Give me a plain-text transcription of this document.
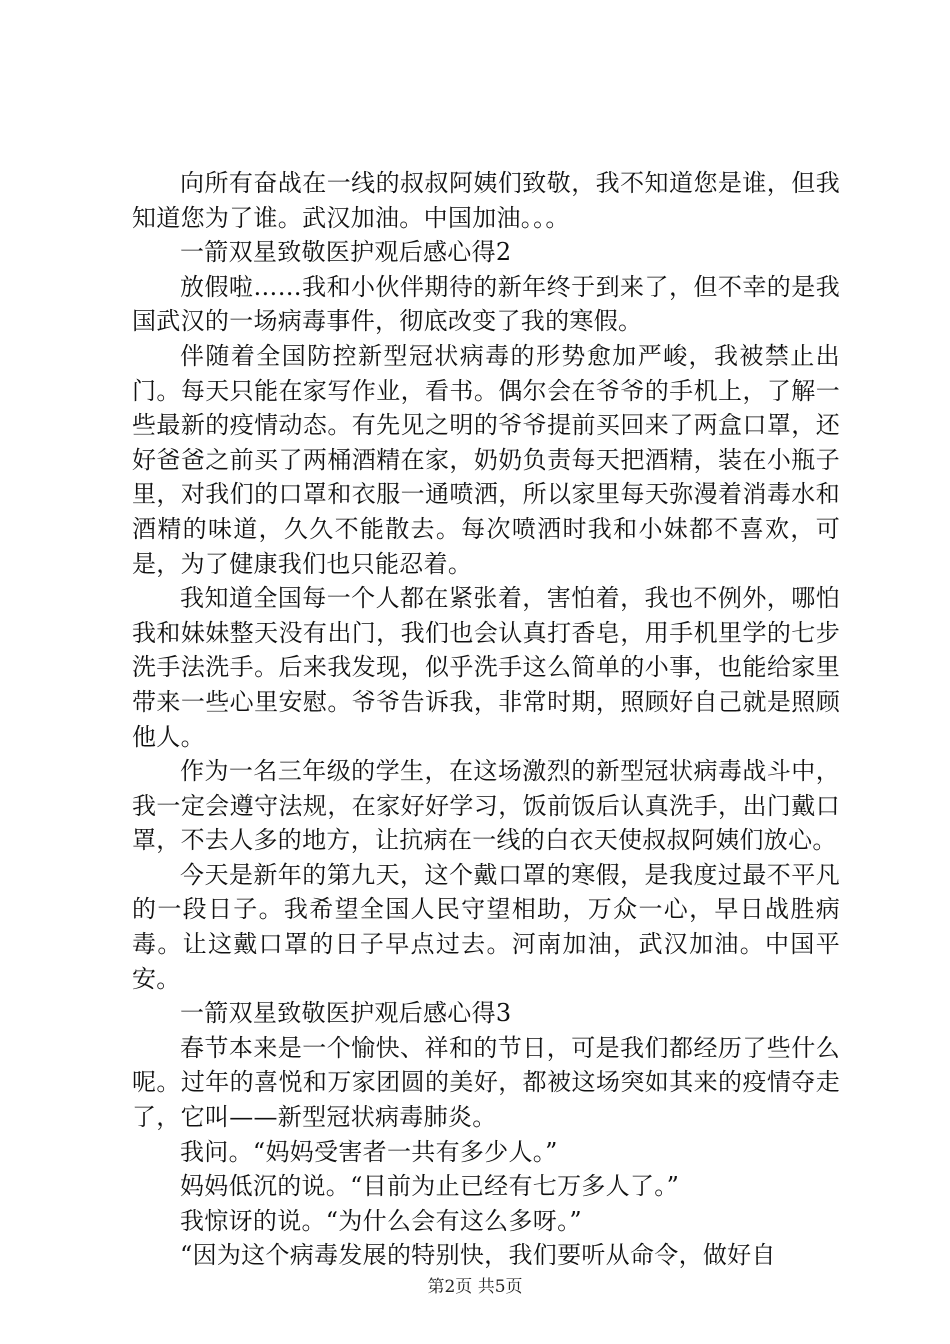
向所有奋战在一线的叔叔阿姨们致敬，我不知道您是谁，但我知道您为了谁。武汉加油。中国加油。。。

一箭双星致敬医护观后感心得2

放假啦……我和小伙伴期待的新年终于到来了，但不幸的是我国武汉的一场病毒事件，彻底改变了我的寒假。

伴随着全国防控新型冠状病毒的形势愈加严峻，我被禁止出门。每天只能在家写作业，看书。偶尔会在爷爷的手机上，了解一些最新的疫情动态。有先见之明的爷爷提前买回来了两盒口罩，还好爸爸之前买了两桶酒精在家，奶奶负责每天把酒精，装在小瓶子里，对我们的口罩和衣服一通喷洒，所以家里每天弥漫着消毒水和酒精的味道，久久不能散去。每次喷洒时我和小妹都不喜欢，可是，为了健康我们也只能忍着。

我知道全国每一个人都在紧张着，害怕着，我也不例外，哪怕我和妹妹整天没有出门，我们也会认真打香皂，用手机里学的七步洗手法洗手。后来我发现，似乎洗手这么简单的小事，也能给家里带来一些心里安慰。爷爷告诉我，非常时期，照顾好自己就是照顾他人。

作为一名三年级的学生，在这场激烈的新型冠状病毒战斗中，我一定会遵守法规，在家好好学习，饭前饭后认真洗手，出门戴口罩，不去人多的地方，让抗病在一线的白衣天使叔叔阿姨们放心。

今天是新年的第九天，这个戴口罩的寒假，是我度过最不平凡的一段日子。我希望全国人民守望相助，万众一心，早日战胜病毒。让这戴口罩的日子早点过去。河南加油，武汉加油。中国平安。

一箭双星致敬医护观后感心得3

春节本来是一个愉快、祥和的节日，可是我们都经历了些什么呢。过年的喜悦和万家团圆的美好，都被这场突如其来的疫情夺走了，它叫——新型冠状病毒肺炎。

我问。“妈妈受害者一共有多少人。”

妈妈低沉的说。“目前为止已经有七万多人了。”

我惊讶的说。“为什么会有这么多呀。”

“因为这个病毒发展的特别快，我们要听从命令，做好自

第2页 共5页
